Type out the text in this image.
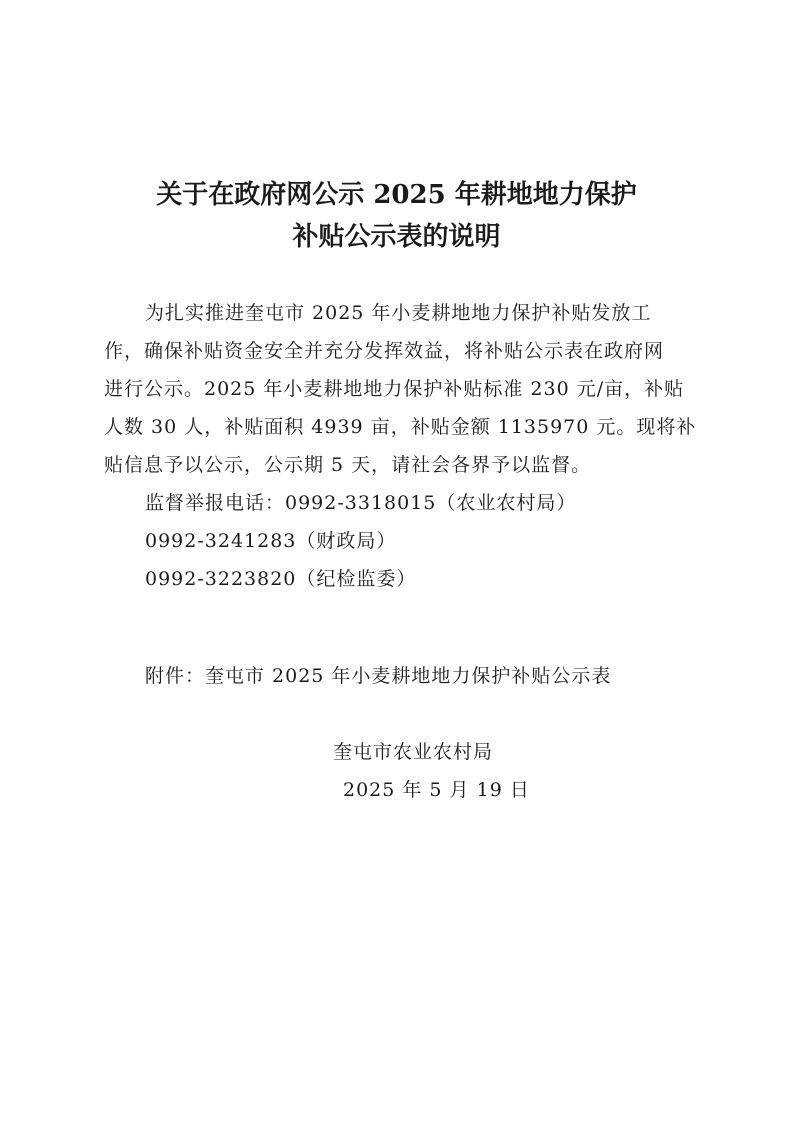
关于在政府网公示 2025 年耕地地力保护
补贴公示表的说明
为扎实推进奎屯市 2025 年小麦耕地地力保护补贴发放工
作，确保补贴资金安全并充分发挥效益，将补贴公示表在政府网
进行公示。2025 年小麦耕地地力保护补贴标准 230 元/亩，补贴
人数 30 人，补贴面积 4939 亩，补贴金额 1135970 元。现将补
贴信息予以公示，公示期 5 天，请社会各界予以监督。
监督举报电话：0992-3318015（农业农村局）
0992-3241283（财政局）
0992-3223820（纪检监委）
附件：奎屯市 2025 年小麦耕地地力保护补贴公示表
奎屯市农业农村局
2025 年 5 月 19 日
